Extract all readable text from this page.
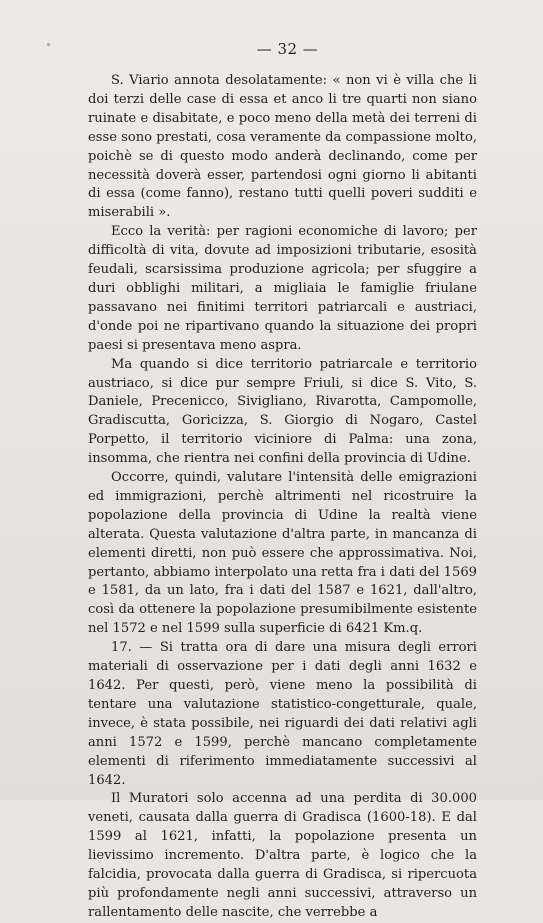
— 32 —

S. Viario annota desolatamente: « non vi è villa che li doi terzi delle case di essa et anco li tre quarti non siano ruinate e disabitate, e poco meno della metà dei terreni di esse sono prestati, cosa veramente da compassione molto, poichè se di questo modo anderà declinando, come per necessità doverà esser, partendosi ogni giorno li abitanti di essa (come fanno), restano tutti quelli poveri sudditi e miserabili ».

Ecco la verità: per ragioni economiche di lavoro; per difficoltà di vita, dovute ad imposizioni tributarie, esosità feudali, scarsissima produzione agricola; per sfuggire a duri obblighi militari, a migliaia le famiglie friulane passavano nei finitimi territori patriarcali e austriaci, d'onde poi ne ripartivano quando la situazione dei propri paesi si presentava meno aspra.

Ma quando si dice territorio patriarcale e territorio austriaco, si dice pur sempre Friuli, si dice S. Vito, S. Daniele, Precenicco, Sivigliano, Rivarotta, Campomolle, Gradiscutta, Goricizza, S. Giorgio di Nogaro, Castel Porpetto, il territorio viciniore di Palma: una zona, insomma, che rientra nei confini della provincia di Udine.

Occorre, quindi, valutare l'intensità delle emigrazioni ed immigrazioni, perchè altrimenti nel ricostruire la popolazione della provincia di Udine la realtà viene alterata. Questa valutazione d'altra parte, in mancanza di elementi diretti, non può essere che approssimativa. Noi, pertanto, abbiamo interpolato una retta fra i dati del 1569 e 1581, da un lato, fra i dati del 1587 e 1621, dall'altro, così da ottenere la popolazione presumibilmente esistente nel 1572 e nel 1599 sulla superficie di 6421 Km.q.

17. — Si tratta ora di dare una misura degli errori materiali di osservazione per i dati degli anni 1632 e 1642. Per questi, però, viene meno la possibilità di tentare una valutazione statistico-congetturale, quale, invece, è stata possibile, nei riguardi dei dati relativi agli anni 1572 e 1599, perchè mancano completamente elementi di riferimento immediatamente successivi al 1642.

Il Muratori solo accenna ad una perdita di 30.000 veneti, causata dalla guerra di Gradisca (1600-18). E dal 1599 al 1621, infatti, la popolazione presenta un lievissimo incremento. D'altra parte, è logico che la falcidia, provocata dalla guerra di Gradisca, si ripercuota più profondamente negli anni successivi, attraverso un rallentamento delle nascite, che verrebbe a
